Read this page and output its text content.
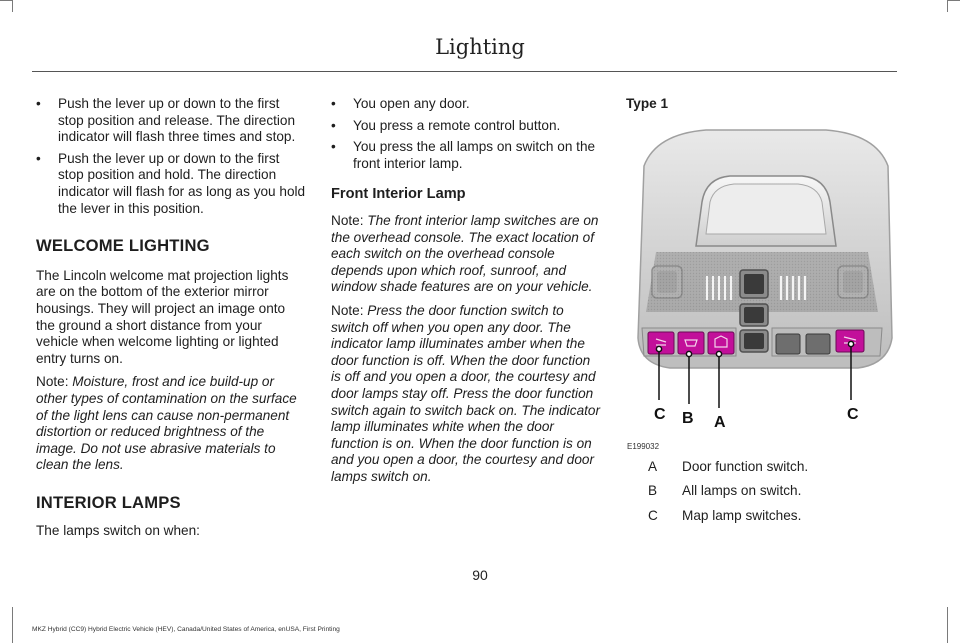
Lighting
• Push the lever up or down to the first stop position and release. The direction indicator will flash three times and stop.
• Push the lever up or down to the first stop position and hold. The direction indicator will flash for as long as you hold the lever in this position.
WELCOME LIGHTING

The Lincoln welcome mat projection lights are on the bottom of the exterior mirror housings. They will project an image onto the ground a short distance from your vehicle when welcome lighting or lighted entry turns on.

Note: Moisture, frost and ice build-up or other types of contamination on the surface of the light lens can cause non-permanent distortion or reduced brightness of the image. Do not use abrasive materials to clean the lens.

INTERIOR LAMPS

The lamps switch on when:

• You open any door.
• You press a remote control button.
• You press the all lamps on switch on the front interior lamp.
Front Interior Lamp

Note: The front interior lamp switches are on the overhead console. The exact location of each switch on the overhead console depends upon which roof, sunroof, and window shade features are on your vehicle.

Note: Press the door function switch to switch off when you open any door. The indicator lamp illuminates amber when the door function is off. When the door function is off and you open a door, the courtesy and door lamps stay off. Press the door function switch again to switch back on. The indicator lamp illuminates white when the door function is on. When the door function is on and you open a door, the courtesy and door lamps switch on.

Type 1
C B A	C
E199032
A	Door function switch.
B	All lamps on switch.
C	Map lamp switches.
90
MKZ Hybrid (CC9) Hybrid Electric Vehicle (HEV), Canada/United States of America, enUSA, First Printing
